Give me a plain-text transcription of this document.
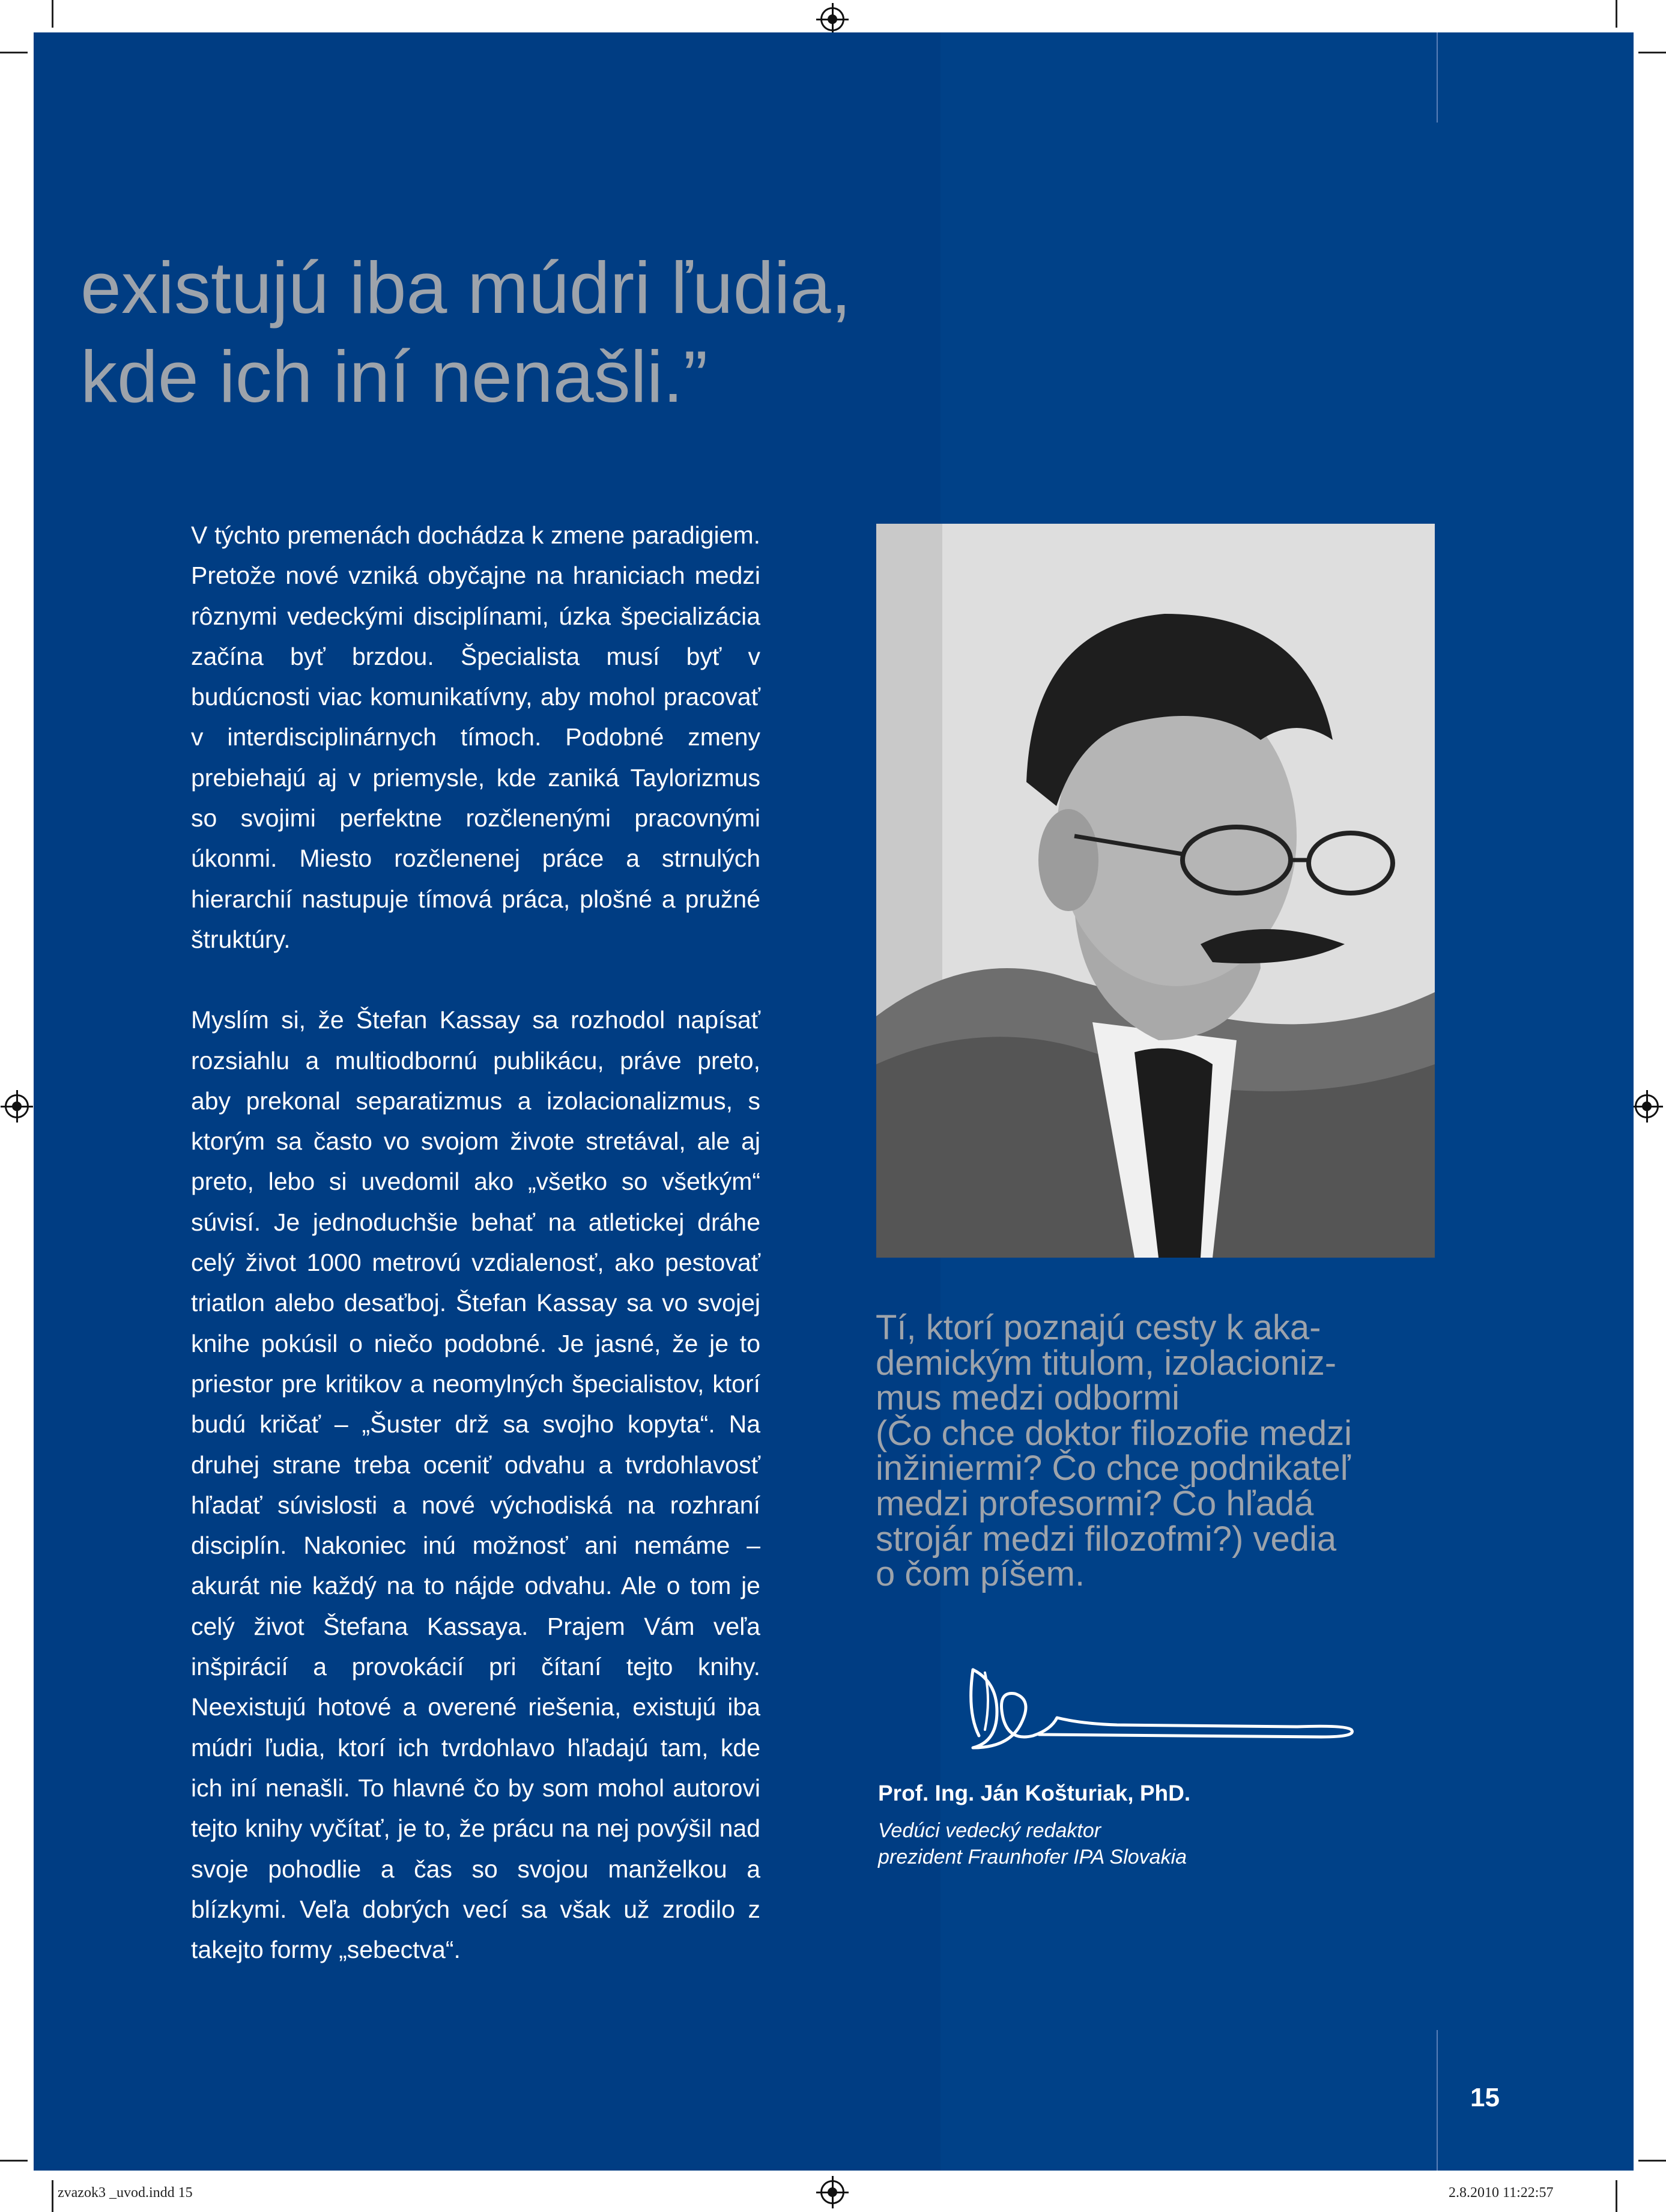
existujú iba múdri ľudia,
kde ich iní nenašli.”

V týchto premenách dochádza k zmene paradigiem. Pretože nové vzniká obyčajne na hraniciach medzi rôznymi vedeckými disciplínami, úzka špecializácia začína byť brzdou. Špecialista musí byť v budúcnosti viac komunikatívny, aby mohol pracovať v interdisciplinárnych tímoch. Podobné zmeny prebiehajú aj v priemysle, kde zaniká Taylorizmus so svojimi perfektne rozčlenenými pracovnými úkonmi. Miesto rozčlenenej práce a strnulých hierarchií nastupuje tímová práca, plošné a pružné štruktúry.

Myslím si, že Štefan Kassay sa rozhodol napísať rozsiahlu a multiodbornú publikácu, práve preto, aby prekonal separatizmus a izolacionalizmus, s ktorým sa často vo svojom živote stretával, ale aj preto, lebo si uvedomil ako „všetko so všetkým“ súvisí. Je jednoduchšie behať na atletickej dráhe celý život 1000 metrovú vzdialenosť, ako pestovať triatlon alebo desaťboj. Štefan Kassay sa vo svojej knihe pokúsil o niečo podobné. Je jasné, že je to priestor pre kritikov a neomylných špecialistov, ktorí budú kričať – „Šuster drž sa svojho kopyta“. Na druhej strane treba oceniť odvahu a tvrdohlavosť hľadať súvislosti a nové východiská na rozhraní disciplín. Nakoniec inú možnosť ani nemáme – akurát nie každý na to nájde odvahu. Ale o tom je celý život Štefana Kassaya. Prajem Vám veľa inšpirácií a provokácií pri čítaní tejto knihy. Neexistujú hotové a overené riešenia, existujú iba múdri ľudia, ktorí ich tvrdohlavo hľadajú tam, kde ich iní nenašli. To hlavné čo by som mohol autorovi tejto knihy vyčítať, je to, že prácu na nej povýšil nad svoje pohodlie a čas so svojou manželkou a blízkymi. Veľa dobrých vecí sa však už zrodilo z takejto formy „sebectva“.

Tí, ktorí poznajú cesty k aka-
demickým titulom, izolacioniz-
mus medzi odbormi
(Čo chce doktor filozofie medzi
inžiniermi? Čo chce podnikateľ
medzi profesormi? Čo hľadá
strojár medzi filozofmi?) vedia
o čom píšem.
Prof. Ing. Ján Košturiak, PhD.
Vedúci vedecký redaktor
prezident Fraunhofer IPA Slovakia
15
zvazok3 _uvod.indd 15	2.8.2010 11:22:57
